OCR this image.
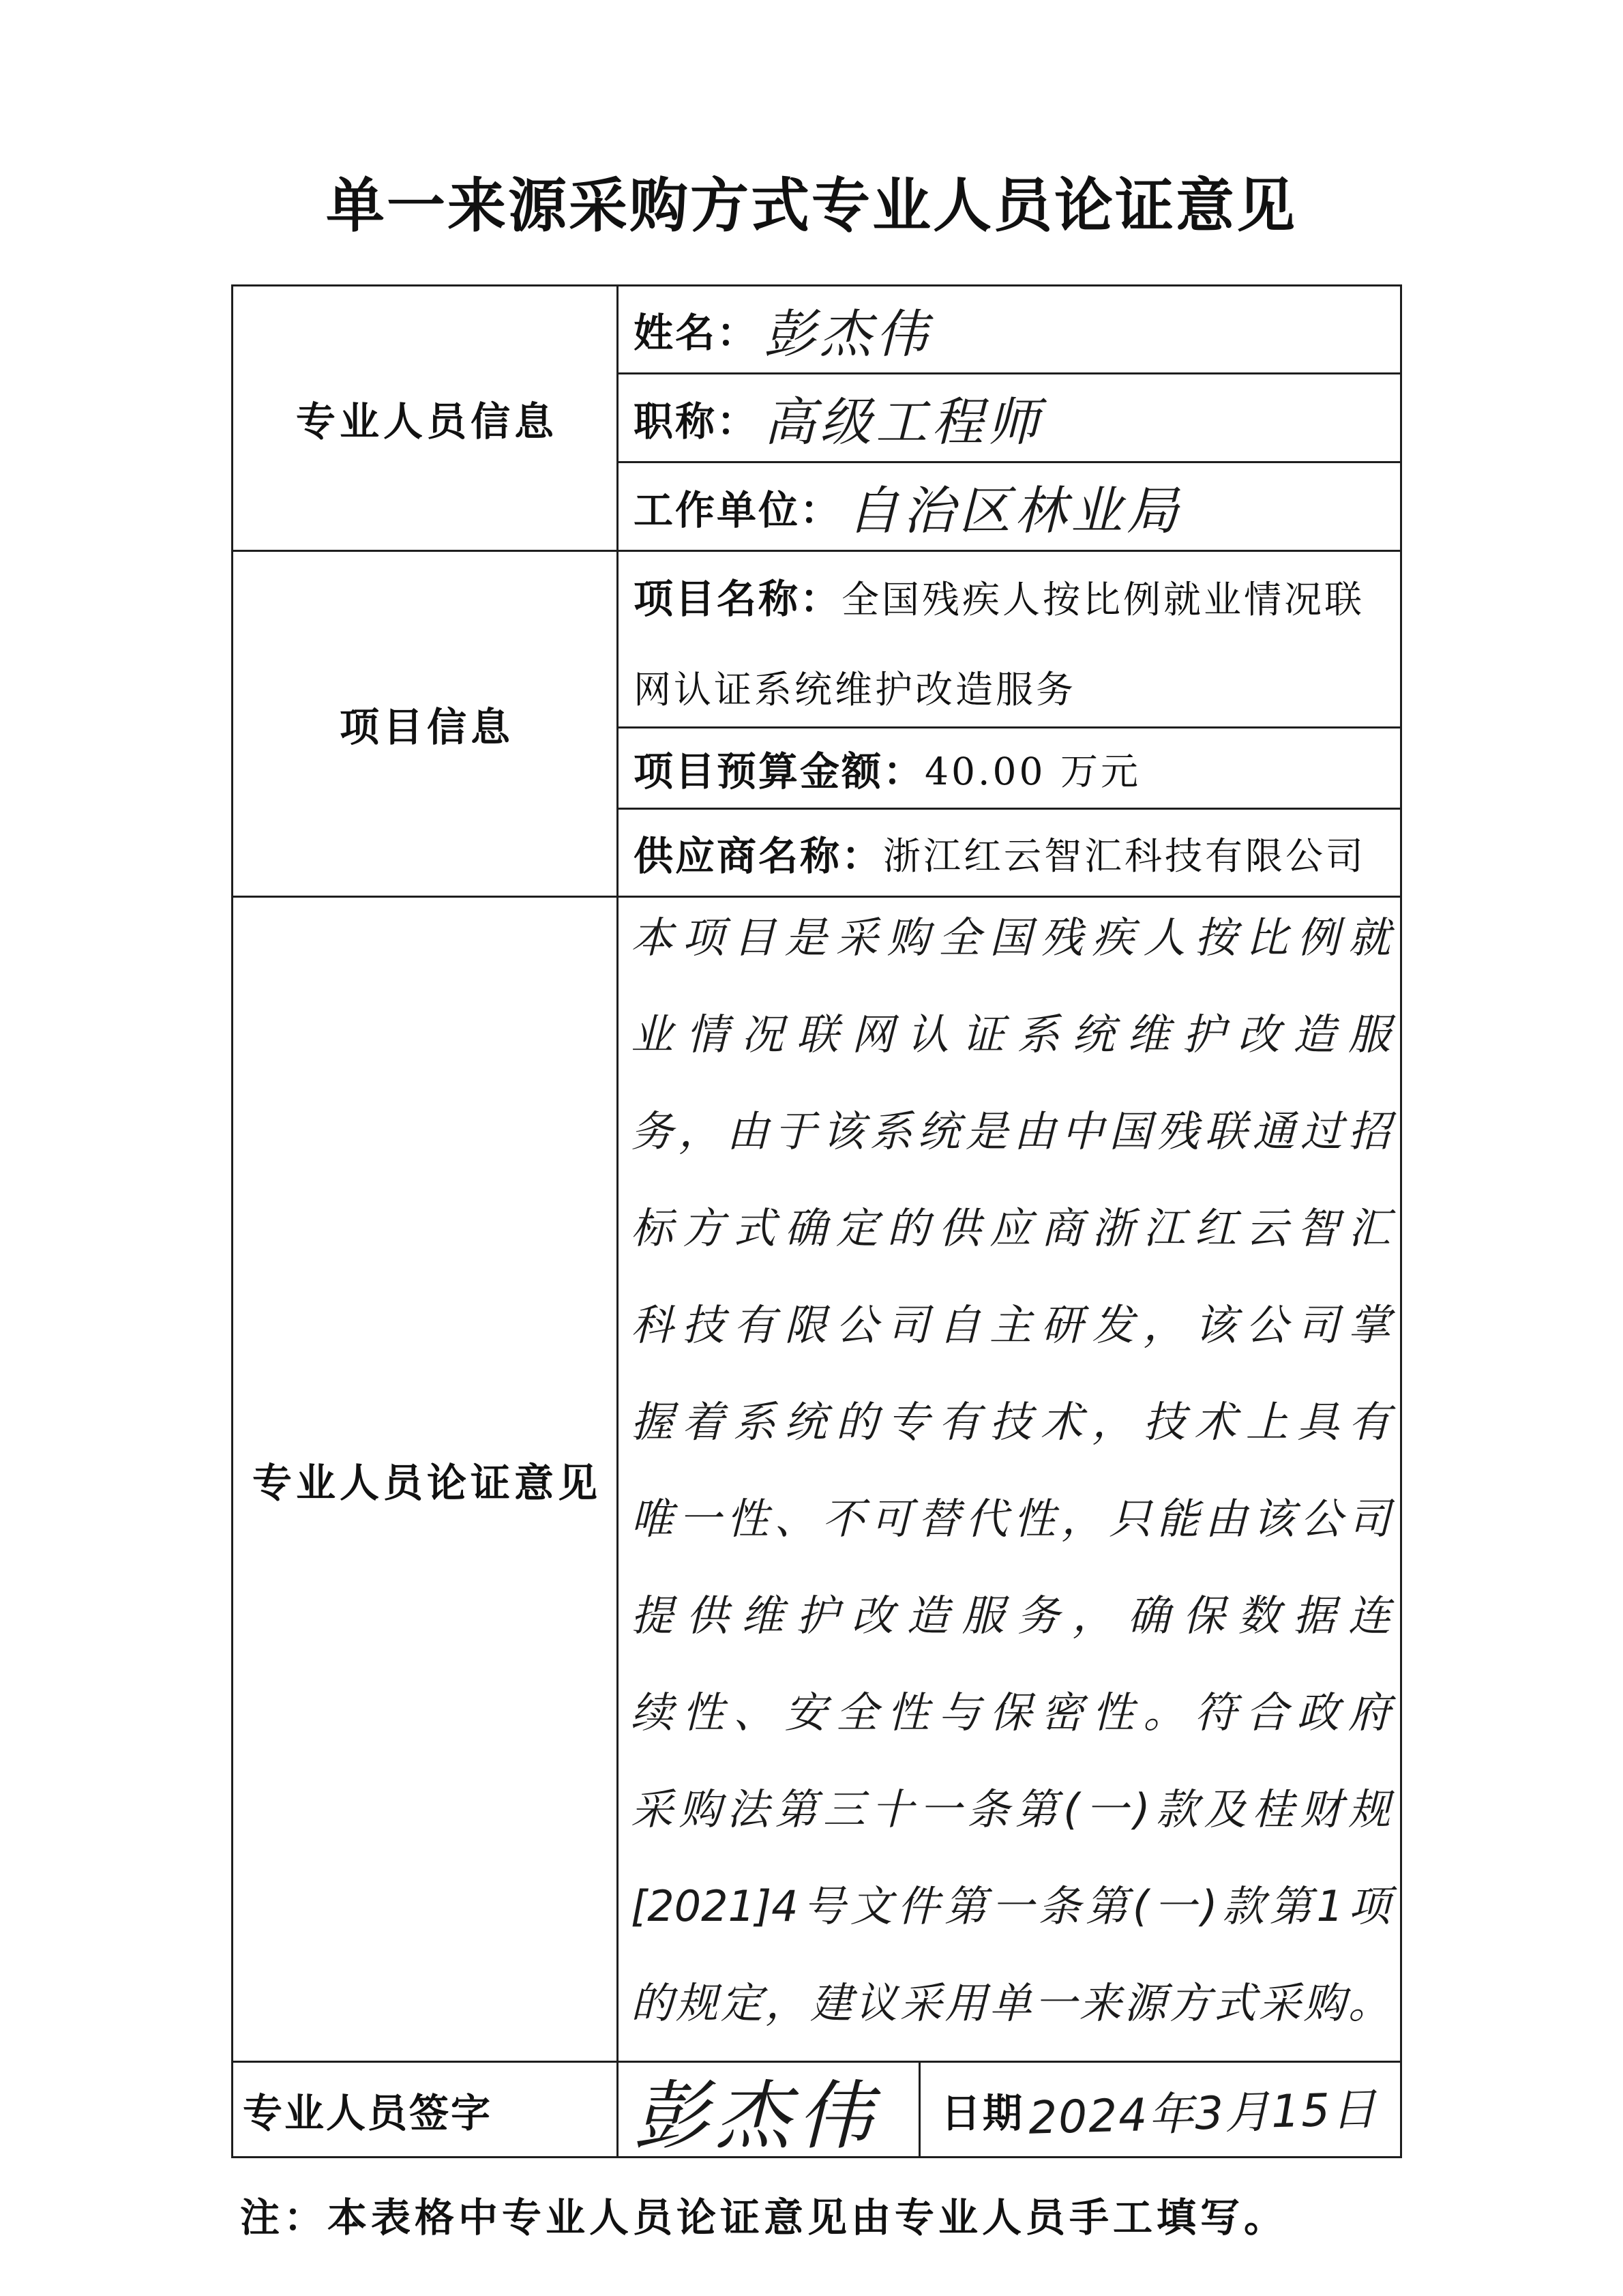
单一来源采购方式专业人员论证意见
专业人员信息
姓名： 彭杰伟
职称： 高级工程师
工作单位： 自治区林业局
项目信息
项目名称：全国残疾人按比例就业情况联网认证系统维护改造服务
项目预算金额： 40.00 万元
供应商名称： 浙江红云智汇科技有限公司
专业人员论证意见
本项目是采购全国残疾人按比例就
业情况联网认证系统维护改造服
务，由于该系统是由中国残联通过招
标方式确定的供应商浙江红云智汇
科技有限公司自主研发，该公司掌
握着系统的专有技术，技术上具有
唯一性、不可替代性，只能由该公司
提供维护改造服务，确保数据连
续性、安全性与保密性。符合政府
采购法第三十一条第(一)款及桂财规
[2021]4号文件第一条第(一)款第1项
的规定，建议采用单一来源方式采购。
专业人员签字 彭杰伟 日期 2024年3月15日
注：本表格中专业人员论证意见由专业人员手工填写。
